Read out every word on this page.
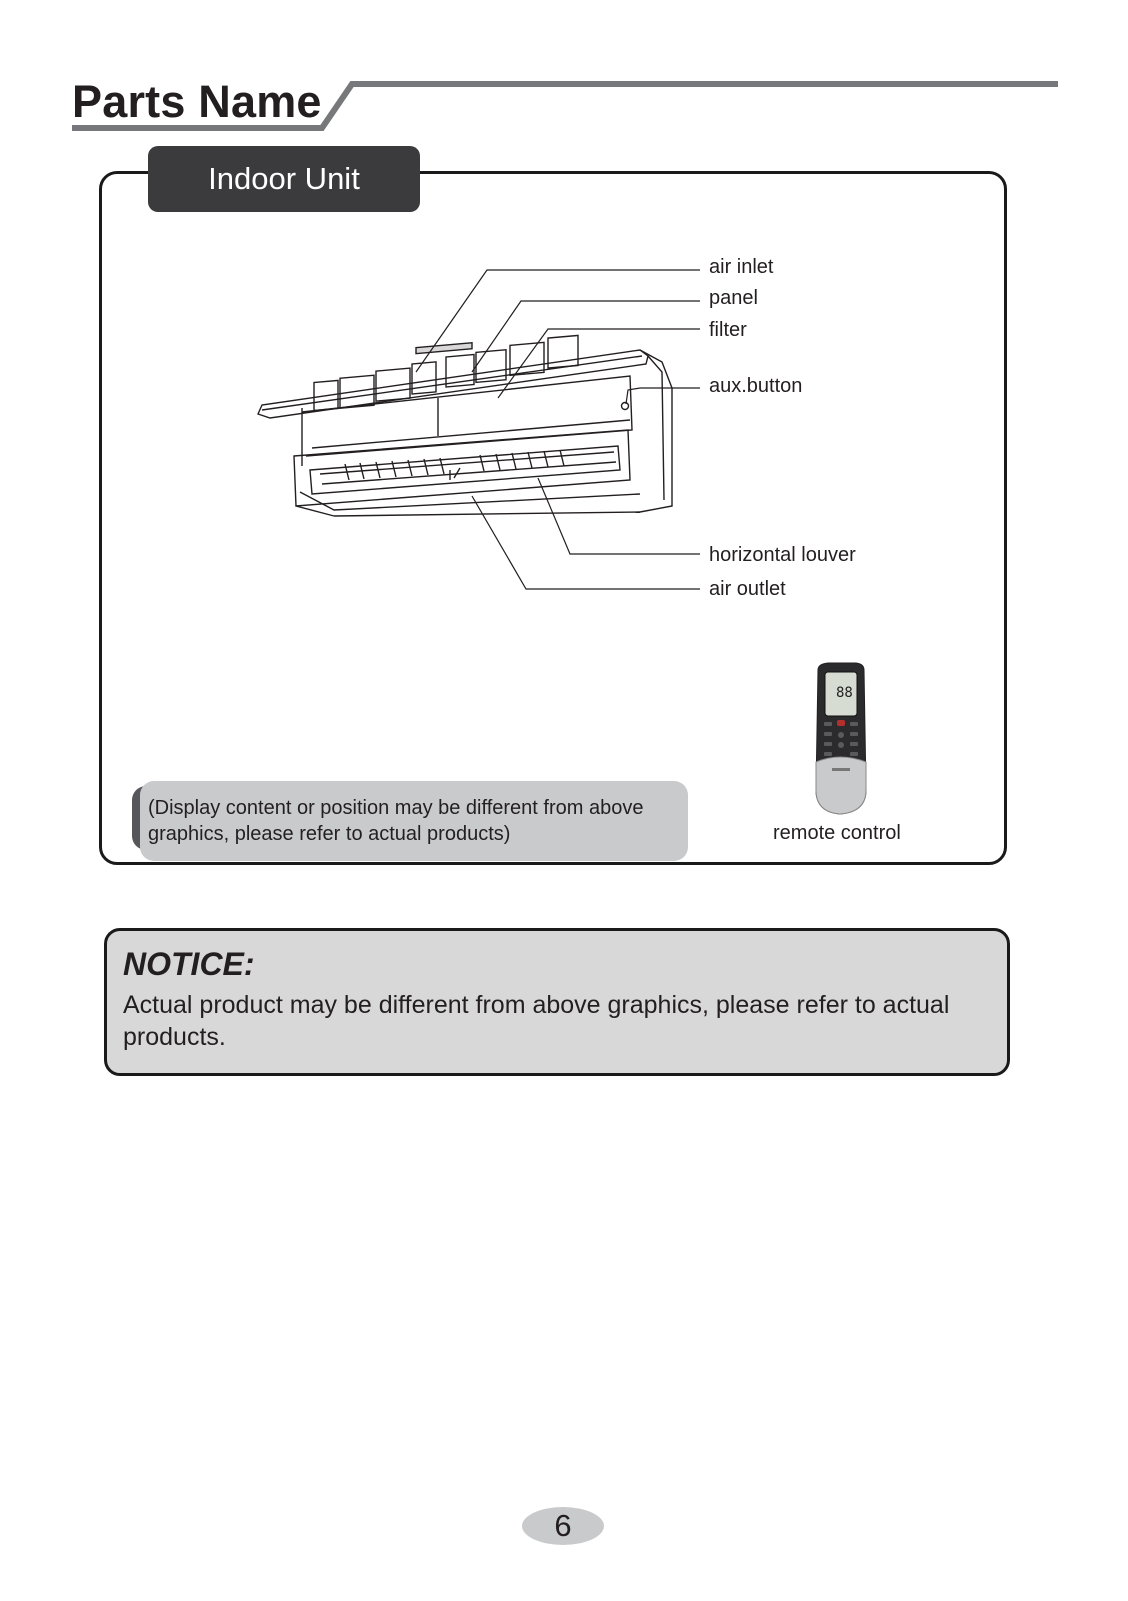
Parts Name
Indoor Unit
88
air inlet
panel
filter
aux.button
horizontal louver
air outlet
remote control
(Display content or position may be different from above
graphics, please refer to actual products)
NOTICE:
Actual product may be different from above graphics, please refer to actual products.
6
